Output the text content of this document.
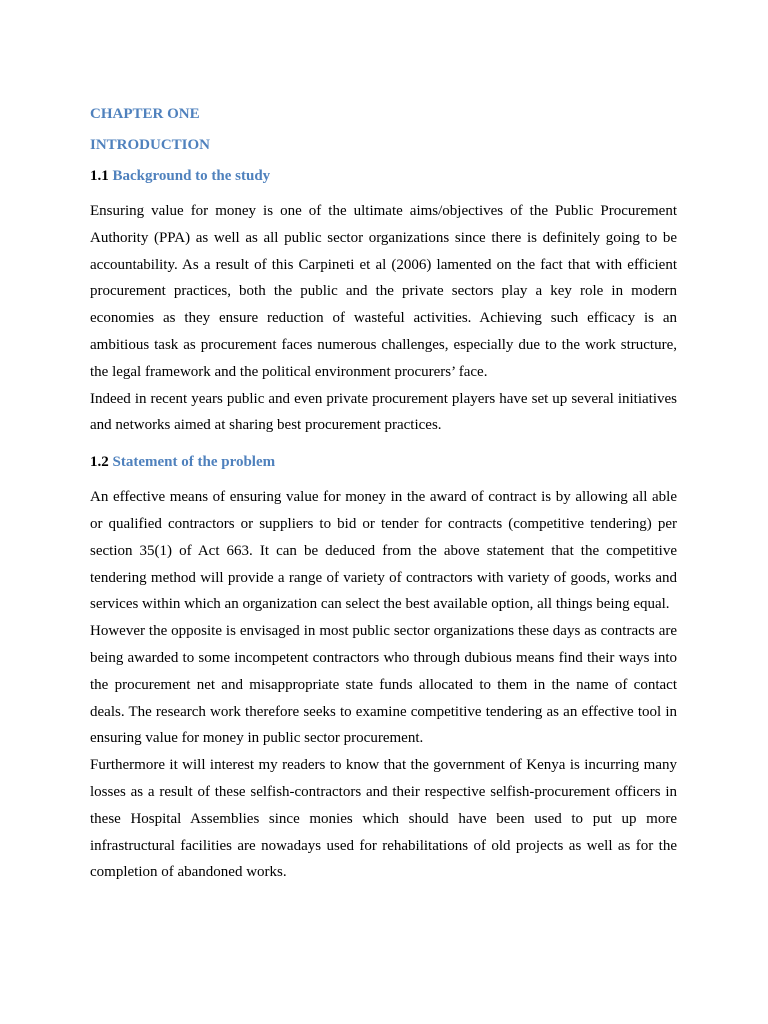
CHAPTER ONE

INTRODUCTION

1.1 Background to the study

Ensuring value for money is one of the ultimate aims/objectives of the Public Procurement Authority (PPA) as well as all public sector organizations since there is definitely going to be accountability. As a result of this Carpineti et al (2006) lamented on the fact that with efficient procurement practices, both the public and the private sectors play a key role in modern economies as they ensure reduction of wasteful activities. Achieving such efficacy is an ambitious task as procurement faces numerous challenges, especially due to the work structure, the legal framework and the political environment procurers’ face.

Indeed in recent years public and even private procurement players have set up several initiatives and networks aimed at sharing best procurement practices.

1.2 Statement of the problem

An effective means of ensuring value for money in the award of contract is by allowing all able or qualified contractors or suppliers to bid or tender for contracts (competitive tendering) per section 35(1) of Act 663. It can be deduced from the above statement that the competitive tendering method will provide a range of variety of contractors with variety of goods, works and services within which an organization can select the best available option, all things being equal.

However the opposite is envisaged in most public sector organizations these days as contracts are being awarded to some incompetent contractors who through dubious means find their ways into the procurement net and misappropriate state funds allocated to them in the name of contact deals. The research work therefore seeks to examine competitive tendering as an effective tool in ensuring value for money in public sector procurement.

Furthermore it will interest my readers to know that the government of Kenya is incurring many losses as a result of these selfish-contractors and their respective selfish-procurement officers in these Hospital Assemblies since monies which should have been used to put up more infrastructural facilities are nowadays used for rehabilitations of old projects as well as for the completion of abandoned works.
